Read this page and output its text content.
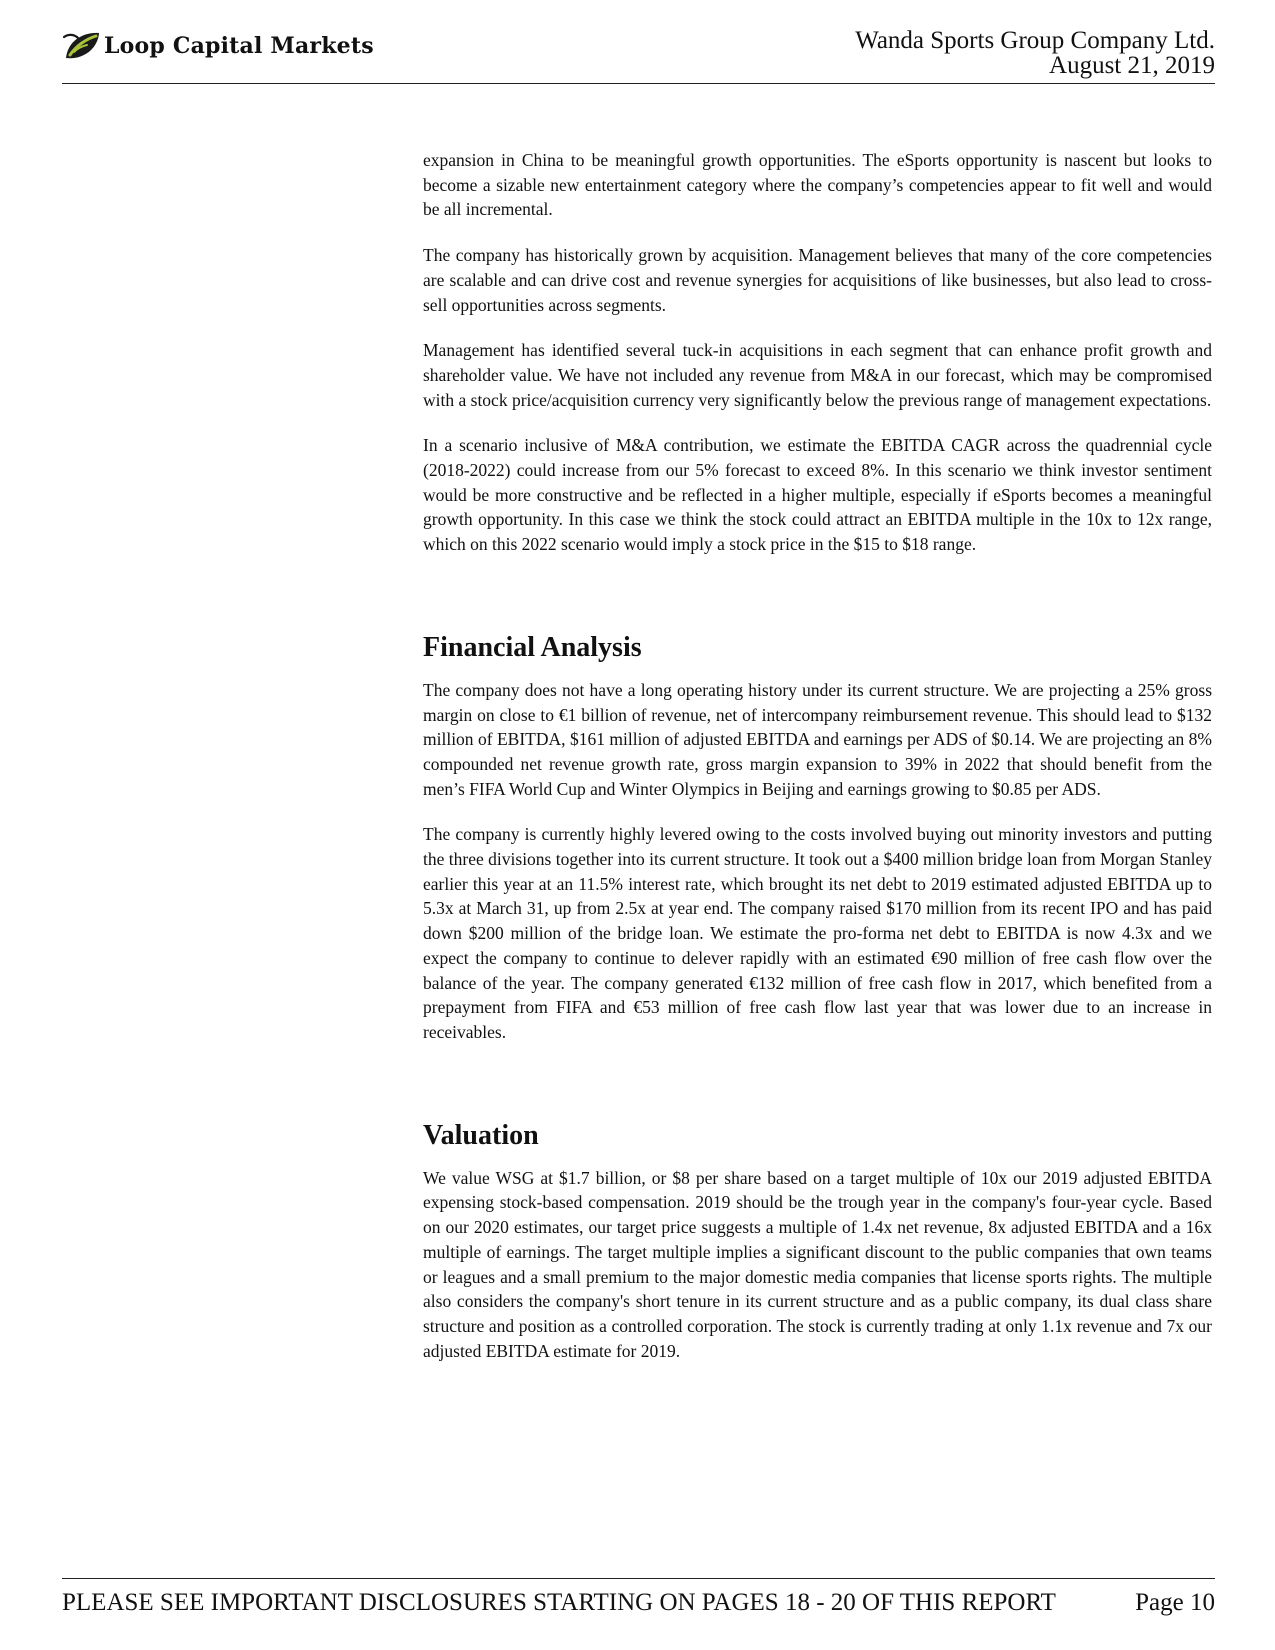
Loop Capital Markets	Wanda Sports Group Company Ltd.
August 21, 2019

expansion in China to be meaningful growth opportunities. The eSports opportunity is nascent but looks to become a sizable new entertainment category where the company’s competencies appear to fit well and would be all incremental.

The company has historically grown by acquisition. Management believes that many of the core competencies are scalable and can drive cost and revenue synergies for acquisitions of like businesses, but also lead to cross-sell opportunities across segments.

Management has identified several tuck-in acquisitions in each segment that can enhance profit growth and shareholder value. We have not included any revenue from M&A in our forecast, which may be compromised with a stock price/acquisition currency very significantly below the previous range of management expectations.

In a scenario inclusive of M&A contribution, we estimate the EBITDA CAGR across the quadrennial cycle (2018-2022) could increase from our 5% forecast to exceed 8%. In this scenario we think investor sentiment would be more constructive and be reflected in a higher multiple, especially if eSports becomes a meaningful growth opportunity. In this case we think the stock could attract an EBITDA multiple in the 10x to 12x range, which on this 2022 scenario would imply a stock price in the $15 to $18 range.

Financial Analysis

The company does not have a long operating history under its current structure. We are projecting a 25% gross margin on close to €1 billion of revenue, net of intercompany reimbursement revenue. This should lead to $132 million of EBITDA, $161 million of adjusted EBITDA and earnings per ADS of $0.14. We are projecting an 8% compounded net revenue growth rate, gross margin expansion to 39% in 2022 that should benefit from the men’s FIFA World Cup and Winter Olympics in Beijing and earnings growing to $0.85 per ADS.

The company is currently highly levered owing to the costs involved buying out minority investors and putting the three divisions together into its current structure. It took out a $400 million bridge loan from Morgan Stanley earlier this year at an 11.5% interest rate, which brought its net debt to 2019 estimated adjusted EBITDA up to 5.3x at March 31, up from 2.5x at year end. The company raised $170 million from its recent IPO and has paid down $200 million of the bridge loan. We estimate the pro-forma net debt to EBITDA is now 4.3x and we expect the company to continue to delever rapidly with an estimated €90 million of free cash flow over the balance of the year. The company generated €132 million of free cash flow in 2017, which benefited from a prepayment from FIFA and €53 million of free cash flow last year that was lower due to an increase in receivables.

Valuation

We value WSG at $1.7 billion, or $8 per share based on a target multiple of 10x our 2019 adjusted EBITDA expensing stock-based compensation. 2019 should be the trough year in the company's four-year cycle. Based on our 2020 estimates, our target price suggests a multiple of 1.4x net revenue, 8x adjusted EBITDA and a 16x multiple of earnings. The target multiple implies a significant discount to the public companies that own teams or leagues and a small premium to the major domestic media companies that license sports rights. The multiple also considers the company's short tenure in its current structure and as a public company, its dual class share structure and position as a controlled corporation. The stock is currently trading at only 1.1x revenue and 7x our adjusted EBITDA estimate for 2019.

PLEASE SEE IMPORTANT DISCLOSURES STARTING ON PAGES 18 - 20 OF THIS REPORT	Page 10
